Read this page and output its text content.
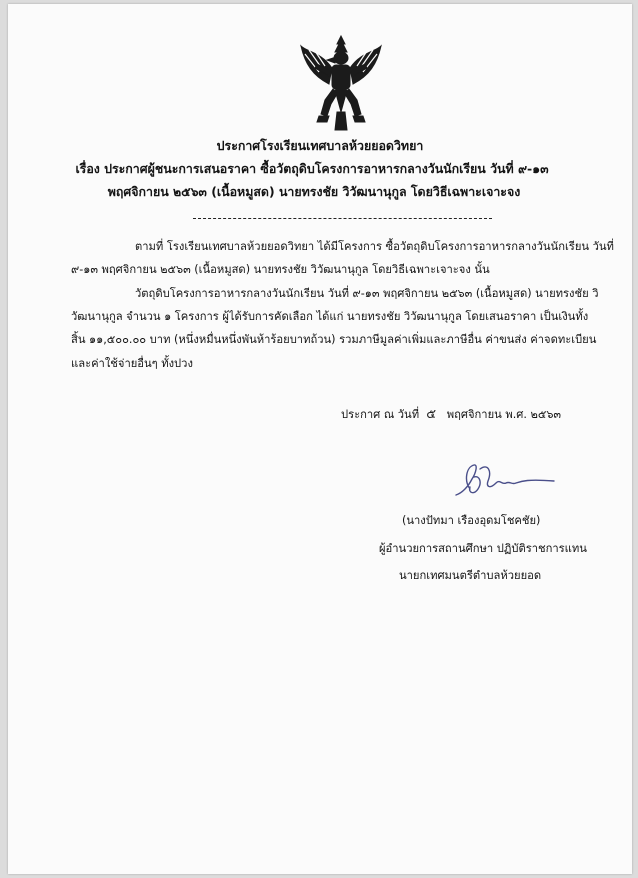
ประกาศโรงเรียนเทศบาลห้วยยอดวิทยา
เรื่อง ประกาศผู้ชนะการเสนอราคา ซื้อวัตถุดิบโครงการอาหารกลางวันนักเรียน วันที่ ๙-๑๓
พฤศจิกายน ๒๕๖๓ (เนื้อหมูสด) นายทรงชัย วิวัฒนานุกูล โดยวิธีเฉพาะเจาะจง
ตามที่ โรงเรียนเทศบาลห้วยยอดวิทยา ได้มีโครงการ ซื้อวัตถุดิบโครงการอาหารกลางวันนักเรียน วันที่
๙-๑๓ พฤศจิกายน ๒๕๖๓ (เนื้อหมูสด) นายทรงชัย วิวัฒนานุกูล โดยวิธีเฉพาะเจาะจง นั้น
วัตถุดิบโครงการอาหารกลางวันนักเรียน วันที่ ๙-๑๓ พฤศจิกายน ๒๕๖๓ (เนื้อหมูสด) นายทรงชัย วิ
วัฒนานุกูล จำนวน ๑ โครงการ ผู้ได้รับการคัดเลือก ได้แก่ นายทรงชัย วิวัฒนานุกูล โดยเสนอราคา เป็นเงินทั้ง
สิ้น ๑๑,๕๐๐.๐๐ บาท (หนึ่งหมื่นหนึ่งพันห้าร้อยบาทถ้วน) รวมภาษีมูลค่าเพิ่มและภาษีอื่น ค่าขนส่ง ค่าจดทะเบียน
และค่าใช้จ่ายอื่นๆ ทั้งปวง
ประกาศ ณ วันที่ ๕ พฤศจิกายน พ.ศ. ๒๕๖๓
(นางปัทมา เรืองอุดมโชคชัย)
ผู้อำนวยการสถานศึกษา ปฏิบัติราชการแทน
นายกเทศมนตรีตำบลห้วยยอด
